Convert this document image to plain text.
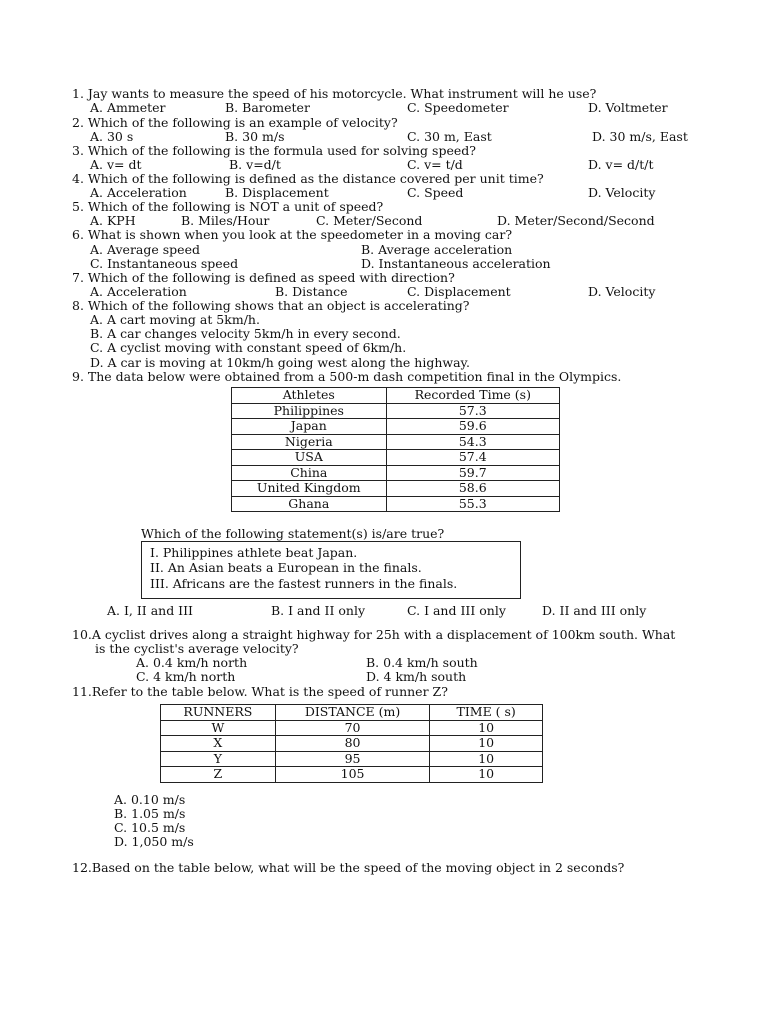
1. Jay wants to measure the speed of his motorcycle. What instrument will he use?
A. Ammeter	B. Barometer	C. Speedometer	D. Voltmeter
2. Which of the following is an example of velocity?
A. 30 s	B. 30 m/s	C. 30 m, East	D. 30 m/s, East
3. Which of the following is the formula used for solving speed?
A. v= dt	B. v=d/t	C. v= t/d	D. v= d/t/t
4. Which of the following is defined as the distance covered per unit time?
A. Acceleration	B. Displacement	C. Speed	D. Velocity
5. Which of the following is NOT a unit of speed?
A. KPH	B. Miles/Hour	C. Meter/Second	D. Meter/Second/Second
6. What is shown when you look at the speedometer in a moving car?
A. Average speed	B. Average acceleration
C. Instantaneous speed	D. Instantaneous acceleration
7. Which of the following is defined as speed with direction?
A. Acceleration	B. Distance	C. Displacement	D. Velocity
8. Which of the following shows that an object is accelerating?
A. A cart moving at 5km/h.
B. A car changes velocity 5km/h in every second.
C. A cyclist moving with constant speed of 6km/h.
D. A car is moving at 10km/h going west along the highway.
9. The data below were obtained from a 500-m dash competition final in the Olympics.
Athletes	Recorded Time (s)
Philippines	57.3
Japan	59.6
Nigeria	54.3
USA	57.4
China	59.7
United Kingdom	58.6
Ghana	55.3
Which of the following statement(s) is/are true?
I. Philippines athlete beat Japan.
II. An Asian beats a European in the finals.
III. Africans are the fastest runners in the finals.
A. I, II and III	B. I and II only	C. I and III only	D. II and III only
10.A cyclist drives along a straight highway for 25h with a displacement of 100km south. What
is the cyclist's average velocity?
A. 0.4 km/h north	B. 0.4 km/h south
C. 4 km/h north	D. 4 km/h south
11.Refer to the table below. What is the speed of runner Z?
RUNNERS	DISTANCE (m)	TIME ( s)
W	70	10
X	80	10
Y	95	10
Z	105	10
A. 0.10 m/s
B. 1.05 m/s
C. 10.5 m/s
D. 1,050 m/s
12.Based on the table below, what will be the speed of the moving object in 2 seconds?
